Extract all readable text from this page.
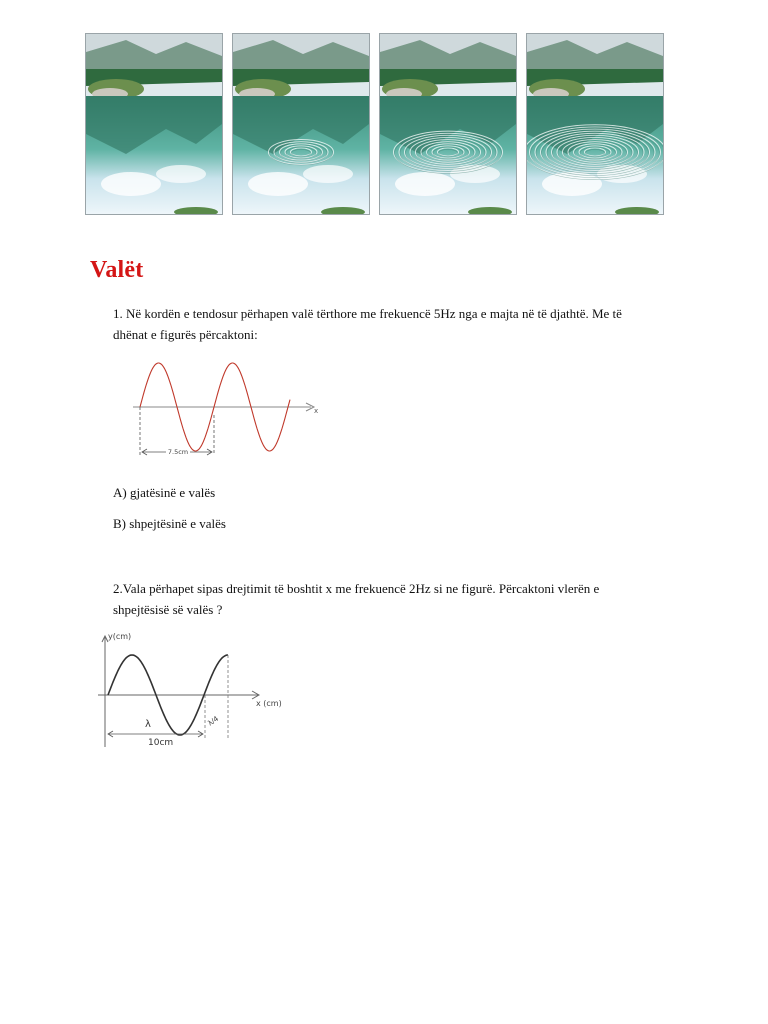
Valët
1. Në kordën e tendosur përhapen valë tërthore me frekuencë 5Hz nga e majta në të djathtë. Me të dhënat e figurës përcaktoni:
x
7.5cm
A) gjatësinë e valës
B) shpejtësinë e valës
2.Vala përhapet sipas drejtimit të boshtit x me frekuencë 2Hz si ne figurë. Përcaktoni vlerën e shpejtësisë së valës ?
y(cm)
x (cm)
λ	λ/4
10cm
